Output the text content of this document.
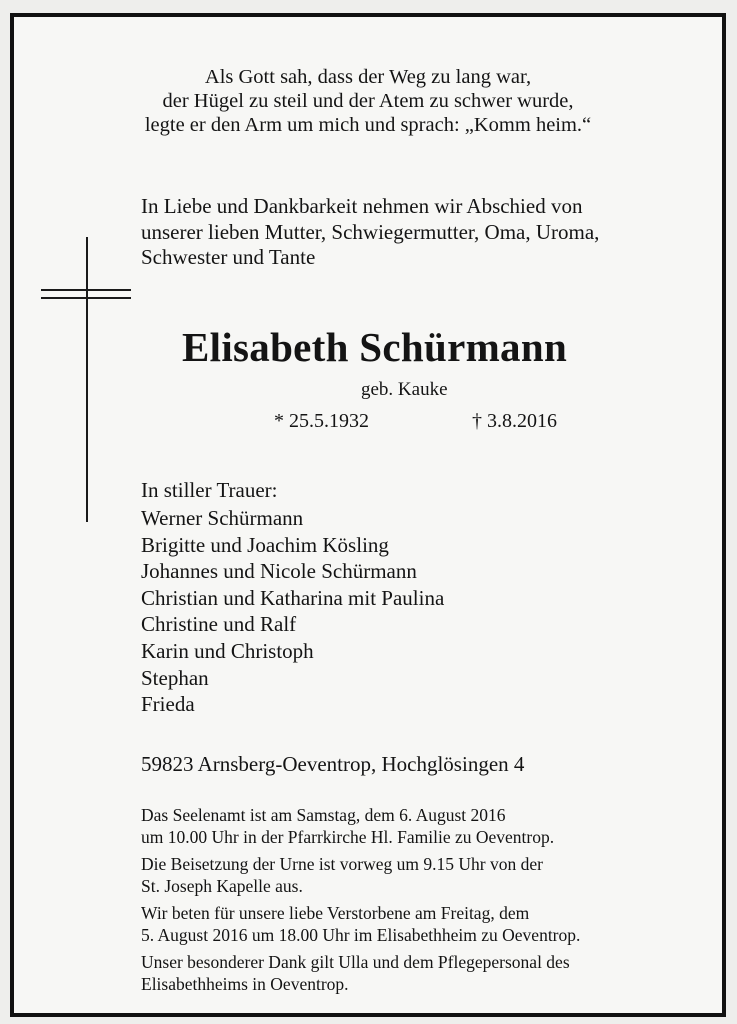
Als Gott sah, dass der Weg zu lang war,
der Hügel zu steil und der Atem zu schwer wurde,
legte er den Arm um mich und sprach: „Komm heim.“
In Liebe und Dankbarkeit nehmen wir Abschied von
unserer lieben Mutter, Schwiegermutter, Oma, Uroma,
Schwester und Tante
Elisabeth Schürmann
geb. Kauke
* 25.5.1932	† 3.8.2016
In stiller Trauer:
Werner Schürmann
Brigitte und Joachim Kösling
Johannes und Nicole Schürmann
Christian und Katharina mit Paulina
Christine und Ralf
Karin und Christoph
Stephan
Frieda
59823 Arnsberg-Oeventrop, Hochglösingen 4
Das Seelenamt ist am Samstag, dem 6. August 2016
um 10.00 Uhr in der Pfarrkirche Hl. Familie zu Oeventrop.
Die Beisetzung der Urne ist vorweg um 9.15 Uhr von der
St. Joseph Kapelle aus.
Wir beten für unsere liebe Verstorbene am Freitag, dem
5. August 2016 um 18.00 Uhr im Elisabethheim zu Oeventrop.
Unser besonderer Dank gilt Ulla und dem Pflegepersonal des
Elisabethheims in Oeventrop.
